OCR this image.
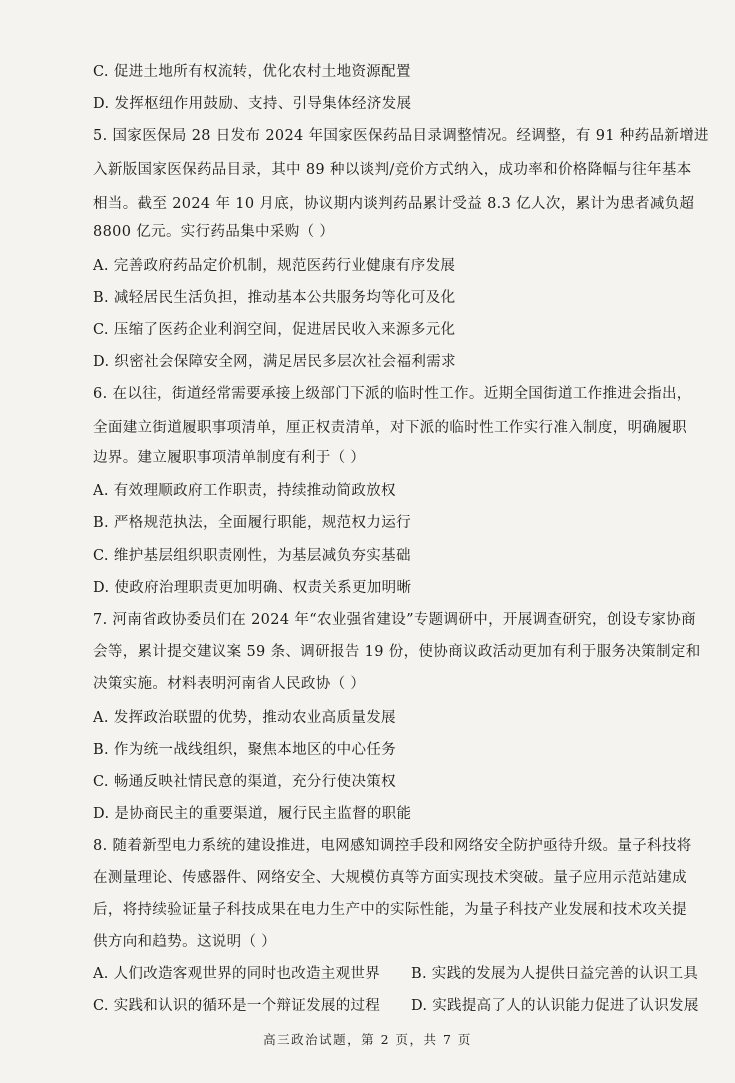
C. 促进土地所有权流转，优化农村土地资源配置
D. 发挥枢纽作用鼓励、支持、引导集体经济发展
5. 国家医保局 28 日发布 2024 年国家医保药品目录调整情况。经调整，有 91 种药品新增进
入新版国家医保药品目录，其中 89 种以谈判/竞价方式纳入，成功率和价格降幅与往年基本
相当。截至 2024 年 10 月底，协议期内谈判药品累计受益 8.3 亿人次，累计为患者减负超
8800 亿元。实行药品集中采购（ ）
A. 完善政府药品定价机制，规范医药行业健康有序发展
B. 减轻居民生活负担，推动基本公共服务均等化可及化
C. 压缩了医药企业利润空间，促进居民收入来源多元化
D. 织密社会保障安全网，满足居民多层次社会福利需求
6. 在以往，街道经常需要承接上级部门下派的临时性工作。近期全国街道工作推进会指出，
全面建立街道履职事项清单，厘正权责清单，对下派的临时性工作实行准入制度，明确履职
边界。建立履职事项清单制度有利于（ ）
A. 有效理顺政府工作职责，持续推动简政放权
B. 严格规范执法，全面履行职能，规范权力运行
C. 维护基层组织职责刚性，为基层减负夯实基础
D. 使政府治理职责更加明确、权责关系更加明晰
7. 河南省政协委员们在 2024 年“农业强省建设”专题调研中，开展调查研究，创设专家协商
会等，累计提交建议案 59 条、调研报告 19 份，使协商议政活动更加有利于服务决策制定和
决策实施。材料表明河南省人民政协（ ）
A. 发挥政治联盟的优势，推动农业高质量发展
B. 作为统一战线组织，聚焦本地区的中心任务
C. 畅通反映社情民意的渠道，充分行使决策权
D. 是协商民主的重要渠道，履行民主监督的职能
8. 随着新型电力系统的建设推进，电网感知调控手段和网络安全防护亟待升级。量子科技将
在测量理论、传感器件、网络安全、大规模仿真等方面实现技术突破。量子应用示范站建成
后，将持续验证量子科技成果在电力生产中的实际性能，为量子科技产业发展和技术攻关提
供方向和趋势。这说明（ ）
A. 人们改造客观世界的同时也改造主观世界 B. 实践的发展为人提供日益完善的认识工具
C. 实践和认识的循环是一个辩证发展的过程 D. 实践提高了人的认识能力促进了认识发展
高三政治试题，第 2 页，共 7 页
